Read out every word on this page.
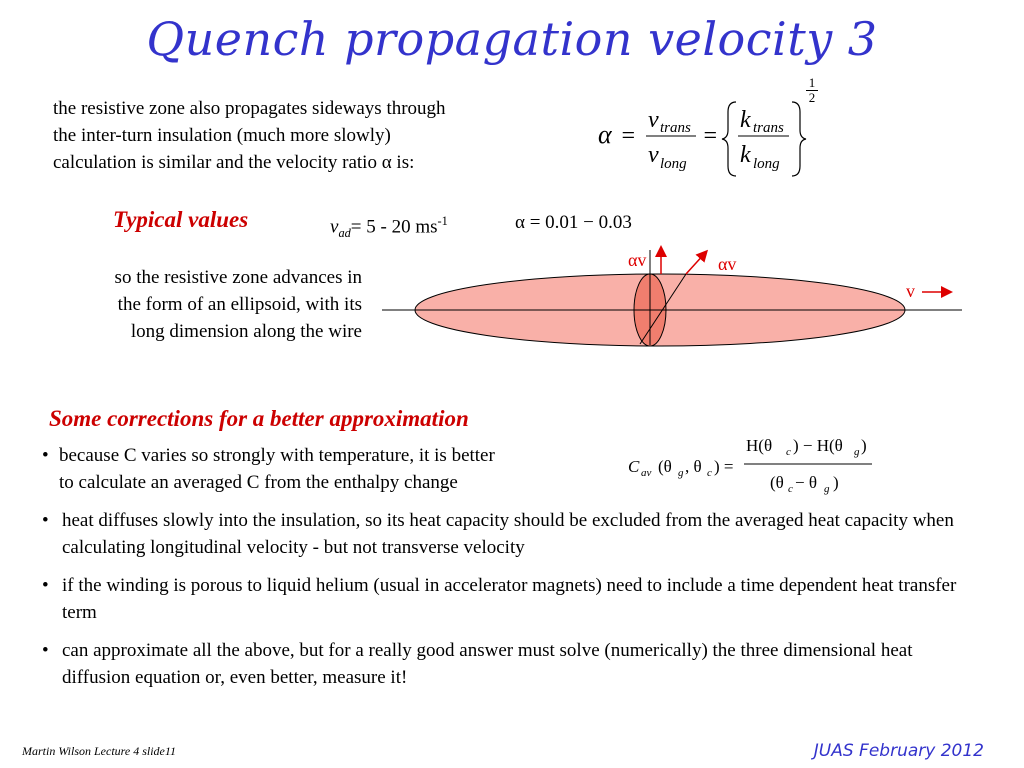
Quench propagation velocity 3
the resistive zone also propagates sideways through
the inter-turn insulation (much more slowly)
calculation is similar and the velocity ratio α is:
α =
v trans
v long
=
k trans
k long
$\frac{1}{2}$
Typical values	$v_{ad}= 5 - 20$ $ms^{-1}$	α = 0.01 − 0.03
so the resistive zone advances in
the form of an ellipsoid, with its
long dimension along the wire
αv	αv
v
Some corrections for a better approximation
• because C varies so strongly with temperature, it is better
to calculate an averaged C from the enthalpy change
C av (θ g , θ c ) =
H(θ c ) − H(θ g )
(θ c − θ g )
• heat diffuses slowly into the insulation, so its heat capacity should be excluded from the averaged heat capacity when calculating longitudinal velocity - but not transverse velocity
• if the winding is porous to liquid helium (usual in accelerator magnets) need to include a time dependent heat transfer term
• can approximate all the above, but for a really good answer must solve (numerically) the three dimensional heat diffusion equation or, even better, measure it!
Martin Wilson Lecture 4 slide11	JUAS February 2012
